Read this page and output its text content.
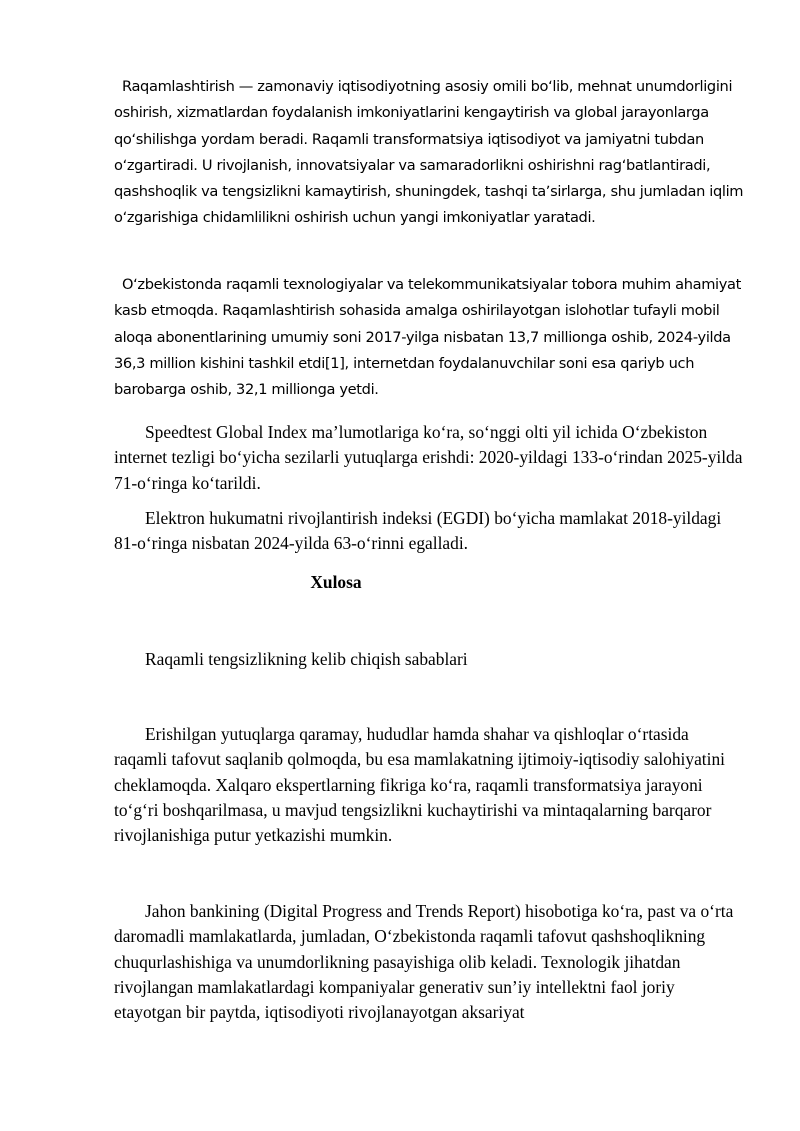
Raqamlashtirish — zamonaviy iqtisodiyotning asosiy omili boʻlib, mehnat unumdorligini oshirish, xizmatlardan foydalanish imkoniyatlarini kengaytirish va global jarayonlarga qoʻshilishga yordam beradi. Raqamli transformatsiya iqtisodiyot va jamiyatni tubdan oʻzgartiradi. U rivojlanish, innovatsiyalar va samaradorlikni oshirishni ragʻbatlantiradi, qashshoqlik va tengsizlikni kamaytirish, shuningdek, tashqi taʼsirlarga, shu jumladan iqlim oʻzgarishiga chidamlilikni oshirish uchun yangi imkoniyatlar yaratadi.

Oʻzbekistonda raqamli texnologiyalar va telekommunikatsiyalar tobora muhim ahamiyat kasb etmoqda. Raqamlashtirish sohasida amalga oshirilayotgan islohotlar tufayli mobil aloqa abonentlarining umumiy soni 2017-yilga nisbatan 13,7 millionga oshib, 2024-yilda 36,3 million kishini tashkil etdi[1], internetdan foydalanuvchilar soni esa qariyb uch barobarga oshib, 32,1 millionga yetdi.

Speedtest Global Index ma’lumotlariga ko‘ra, so‘nggi olti yil ichida O‘zbekiston internet tezligi bo‘yicha sezilarli yutuqlarga erishdi: 2020-yildagi 133-o‘rindan 2025-yilda 71-o‘ringa ko‘tarildi.

Elektron hukumatni rivojlantirish indeksi (EGDI) bo‘yicha mamlakat 2018-yildagi 81-o‘ringa nisbatan 2024-yilda 63-o‘rinni egalladi.

Xulosa

Raqamli tengsizlikning kelib chiqish sabablari

Erishilgan yutuqlarga qaramay, hududlar hamda shahar va qishloqlar o‘rtasida raqamli tafovut saqlanib qolmoqda, bu esa mamlakatning ijtimoiy-iqtisodiy salohiyatini cheklamoqda. Xalqaro ekspertlarning fikriga ko‘ra, raqamli transformatsiya jarayoni to‘g‘ri boshqarilmasa, u mavjud tengsizlikni kuchaytirishi va mintaqalarning barqaror rivojlanishiga putur yetkazishi mumkin.

Jahon bankining (Digital Progress and Trends Report) hisobotiga ko‘ra, past va o‘rta daromadli mamlakatlarda, jumladan, O‘zbekistonda raqamli tafovut qashshoqlikning chuqurlashishiga va unumdorlikning pasayishiga olib keladi. Texnologik jihatdan rivojlangan mamlakatlardagi kompaniyalar generativ sun’iy intellektni faol joriy etayotgan bir paytda, iqtisodiyoti rivojlanayotgan aksariyat
